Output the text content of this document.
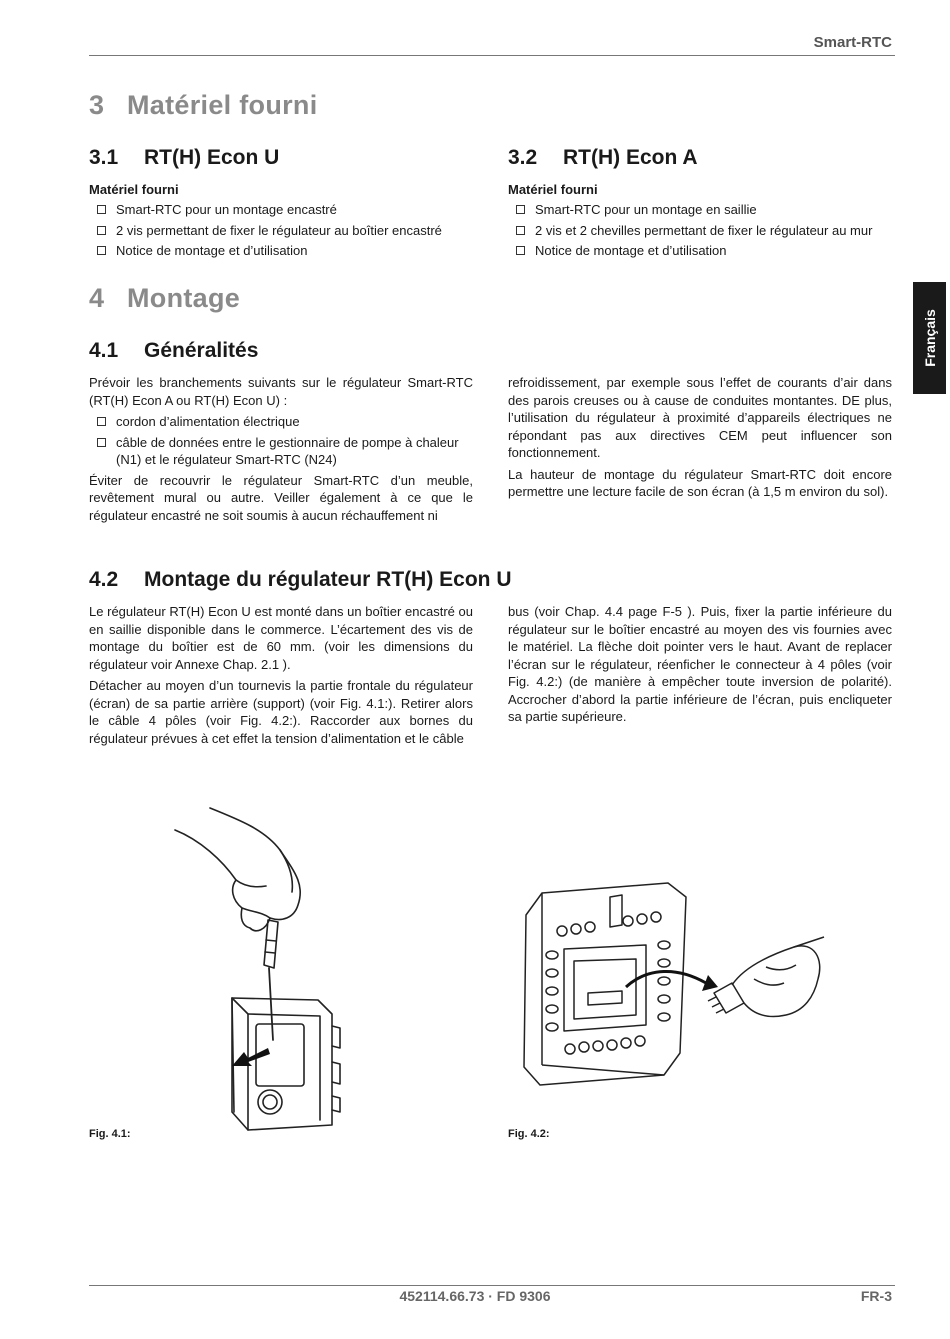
Smart-RTC
Français
3 Matériel fourni
3.1 RT(H) Econ U
Matériel fourni
Smart-RTC pour un montage encastré
2 vis permettant de fixer le régulateur au boîtier encastré
Notice de montage et d’utilisation
3.2 RT(H) Econ A
Matériel fourni
Smart-RTC pour un montage en saillie
2 vis et 2 chevilles permettant de fixer le régulateur au mur
Notice de montage et d’utilisation
4 Montage
4.1 Généralités

Prévoir les branchements suivants sur le régulateur Smart-RTC (RT(H) Econ A ou RT(H) Econ U) :

cordon d’alimentation électrique
câble de données entre le gestionnaire de pompe à chaleur (N1) et le régulateur Smart-RTC (N24)

Éviter de recouvrir le régulateur Smart-RTC d’un meuble, revêtement mural ou autre. Veiller également à ce que le régulateur encastré ne soit soumis à aucun réchauffement ni

refroidissement, par exemple sous l’effet de courants d’air dans des parois creuses ou à cause de conduites montantes. DE plus, l’utilisation du régulateur à proximité d’appareils électriques ne répondant pas aux directives CEM peut influencer son fonctionnement.

La hauteur de montage du régulateur Smart-RTC doit encore permettre une lecture facile de son écran (à 1,5 m environ du sol).

4.2 Montage du régulateur RT(H) Econ U

Le régulateur RT(H) Econ U est monté dans un boîtier encastré ou en saillie disponible dans le commerce. L’écartement des vis de montage du boîtier est de 60 mm. (voir les dimensions du régulateur voir Annexe Chap. 2.1 ).

Détacher au moyen d’un tournevis la partie frontale du régulateur (écran) de sa partie arrière (support) (voir Fig. 4.1:). Retirer alors le câble 4 pôles (voir Fig. 4.2:). Raccorder aux bornes du régulateur prévues à cet effet la tension d’alimentation et le câble

bus (voir Chap. 4.4 page F-5 ). Puis, fixer la partie inférieure du régulateur sur le boîtier encastré au moyen des vis fournies avec le matériel. La flèche doit pointer vers le haut. Avant de replacer l’écran sur le régulateur, réenficher le connecteur à 4 pôles (voir Fig. 4.2:) (de manière à empêcher toute inversion de polarité). Accrocher d’abord la partie inférieure de l’écran, puis encliqueter sa partie supérieure.

Fig. 4.1:	Fig. 4.2:
452114.66.73 · FD 9306	FR-3
